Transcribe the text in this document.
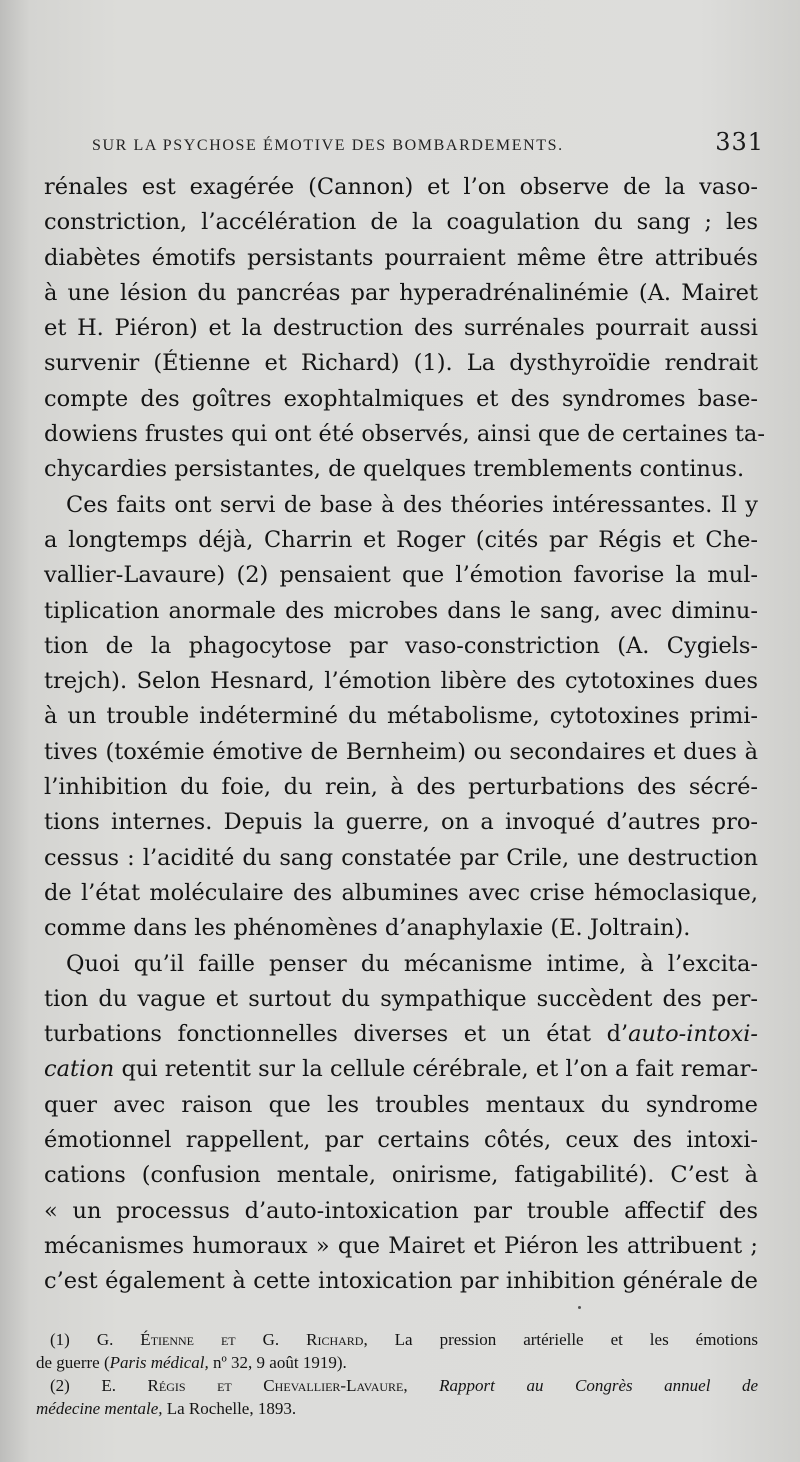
SUR LA PSYCHOSE ÉMOTIVE DES BOMBARDEMENTS.	331
rénales est exagérée (Cannon) et l’on observe de la vaso-
constriction, l’accélération de la coagulation du sang ; les
diabètes émotifs persistants pourraient même être attribués
à une lésion du pancréas par hyperadrénalinémie (A. Mairet
et H. Piéron) et la destruction des surrénales pourrait aussi
survenir (Étienne et Richard) (1). La dysthyroïdie rendrait
compte des goîtres exophtalmiques et des syndromes base-
dowiens frustes qui ont été observés, ainsi que de certaines ta-
chycardies persistantes, de quelques tremblements continus.
Ces faits ont servi de base à des théories intéressantes. Il y
a longtemps déjà, Charrin et Roger (cités par Régis et Che-
vallier-Lavaure) (2) pensaient que l’émotion favorise la mul-
tiplication anormale des microbes dans le sang, avec diminu-
tion de la phagocytose par vaso-constriction (A. Cygiels-
trejch). Selon Hesnard, l’émotion libère des cytotoxines dues
à un trouble indéterminé du métabolisme, cytotoxines primi-
tives (toxémie émotive de Bernheim) ou secondaires et dues à
l’inhibition du foie, du rein, à des perturbations des sécré-
tions internes. Depuis la guerre, on a invoqué d’autres pro-
cessus : l’acidité du sang constatée par Crile, une destruction
de l’état moléculaire des albumines avec crise hémoclasique,
comme dans les phénomènes d’anaphylaxie (E. Joltrain).
Quoi qu’il faille penser du mécanisme intime, à l’excita-
tion du vague et surtout du sympathique succèdent des per-
turbations fonctionnelles diverses et un état d’auto-intoxi-
cation qui retentit sur la cellule cérébrale, et l’on a fait remar-
quer avec raison que les troubles mentaux du syndrome
émotionnel rappellent, par certains côtés, ceux des intoxi-
cations (confusion mentale, onirisme, fatigabilité). C’est à
« un processus d’auto-intoxication par trouble affectif des
mécanismes humoraux » que Mairet et Piéron les attribuent ;
c’est également à cette intoxication par inhibition générale de
(1) G. Étienne et G. Richard, La pression artérielle et les émotions
de guerre (Paris médical, nº 32, 9 août 1919).
(2) E. Régis et Chevallier-Lavaure, Rapport au Congrès annuel de
médecine mentale, La Rochelle, 1893.
